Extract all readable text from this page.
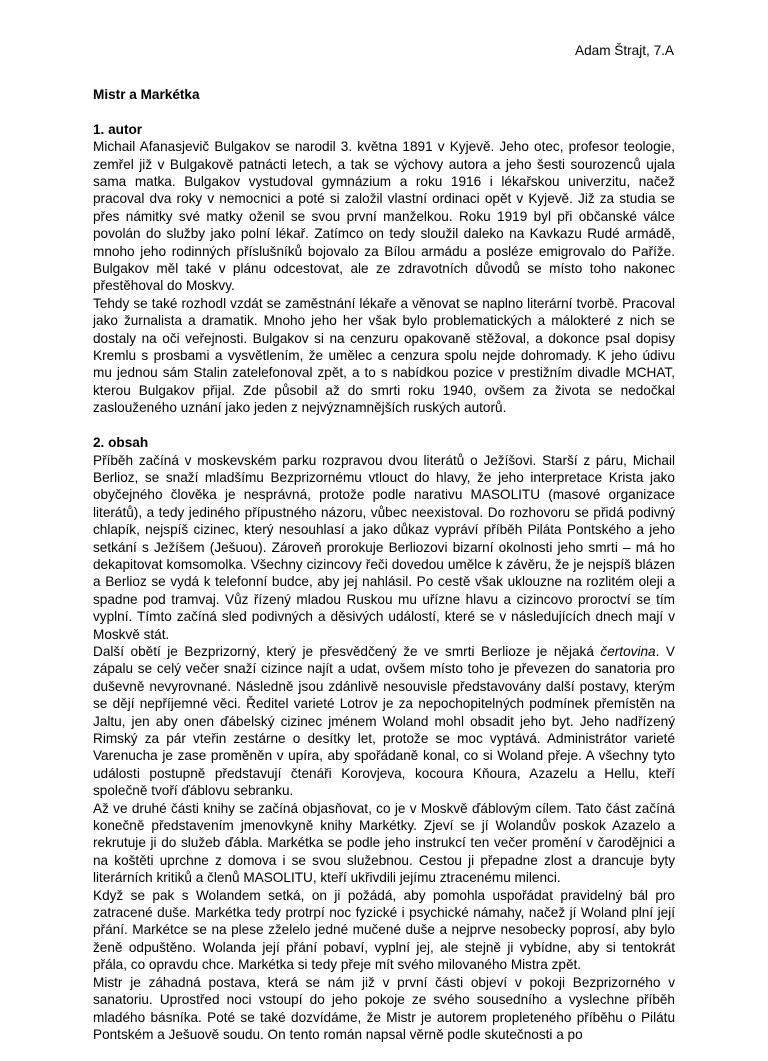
Adam Štrajt, 7.A

Mistr a Markétka

1. autor

Michail Afanasjevič Bulgakov se narodil 3. května 1891 v Kyjevě. Jeho otec, profesor teologie, zemřel již v Bulgakově patnácti letech, a tak se výchovy autora a jeho šesti sourozenců ujala sama matka. Bulgakov vystudoval gymnázium a roku 1916 i lékařskou univerzitu, načež pracoval dva roky v nemocnici a poté si založil vlastní ordinaci opět v Kyjevě. Již za studia se přes námitky své matky oženil se svou první manželkou. Roku 1919 byl při občanské válce povolán do služby jako polní lékař. Zatímco on tedy sloužil daleko na Kavkazu Rudé armádě, mnoho jeho rodinných příslušníků bojovalo za Bílou armádu a posléze emigrovalo do Paříže. Bulgakov měl také v plánu odcestovat, ale ze zdravotních důvodů se místo toho nakonec přestěhoval do Moskvy.

Tehdy se také rozhodl vzdát se zaměstnání lékaře a věnovat se naplno literární tvorbě. Pracoval jako žurnalista a dramatik. Mnoho jeho her však bylo problematických a málokteré z nich se dostaly na oči veřejnosti. Bulgakov si na cenzuru opakovaně stěžoval, a dokonce psal dopisy Kremlu s prosbami a vysvětlením, že umělec a cenzura spolu nejde dohromady. K jeho údivu mu jednou sám Stalin zatelefonoval zpět, a to s nabídkou pozice v prestižním divadle MCHAT, kterou Bulgakov přijal. Zde působil až do smrti roku 1940, ovšem za života se nedočkal zaslouženého uznání jako jeden z nejvýznamnějších ruských autorů.

2. obsah

Příběh začíná v moskevském parku rozpravou dvou literátů o Ježíšovi. Starší z páru, Michail Berlioz, se snaží mladšímu Bezprizornému vtlouct do hlavy, že jeho interpretace Krista jako obyčejného člověka je nesprávná, protože podle narativu MASOLITU (masové organizace literátů), a tedy jediného přípustného názoru, vůbec neexistoval. Do rozhovoru se přidá podivný chlapík, nejspíš cizinec, který nesouhlasí a jako důkaz vypráví příběh Piláta Pontského a jeho setkání s Ježíšem (Ješuou). Zároveň prorokuje Berliozovi bizarní okolnosti jeho smrti – má ho dekapitovat komsomolka. Všechny cizincovy řeči dovedou umělce k závěru, že je nejspíš blázen a Berlioz se vydá k telefonní budce, aby jej nahlásil. Po cestě však uklouzne na rozlitém oleji a spadne pod tramvaj. Vůz řízený mladou Ruskou mu uřízne hlavu a cizincovo proroctví se tím vyplní. Tímto začíná sled podivných a děsivých událostí, které se v následujících dnech mají v Moskvě stát.

Další obětí je Bezprizorný, který je přesvědčený že ve smrti Berlioze je nějaká čertovina. V zápalu se celý večer snaží cizince najít a udat, ovšem místo toho je převezen do sanatoria pro duševně nevyrovnané. Následně jsou zdánlivě nesouvisle představovány další postavy, kterým se dějí nepříjemné věci. Ředitel varieté Lotrov je za nepochopitelných podmínek přemístěn na Jaltu, jen aby onen ďábelský cizinec jménem Woland mohl obsadit jeho byt. Jeho nadřízený Rimský za pár vteřin zestárne o desítky let, protože se moc vyptává. Administrátor varieté Varenucha je zase proměněn v upíra, aby spořádaně konal, co si Woland přeje. A všechny tyto události postupně představují čtenáři Korovjeva, kocoura Kňoura, Azazelu a Hellu, kteří společně tvoří ďáblovu sebranku.

Až ve druhé části knihy se začíná objasňovat, co je v Moskvě ďáblovým cílem. Tato část začíná konečně představením jmenovkyně knihy Markétky. Zjeví se jí Wolandův poskok Azazelo a rekrutuje ji do služeb ďábla. Markétka se podle jeho instrukcí ten večer promění v čarodějnici a na koštěti uprchne z domova i se svou služebnou. Cestou ji přepadne zlost a drancuje byty literárních kritiků a členů MASOLITU, kteří ukřivdili jejímu ztracenému milenci.

Když se pak s Wolandem setká, on ji požádá, aby pomohla uspořádat pravidelný bál pro zatracené duše. Markétka tedy protrpí noc fyzické i psychické námahy, načež jí Woland plní její přání. Markétce se na plese zželelo jedné mučené duše a nejprve nesobecky poprosí, aby bylo ženě odpuštěno. Wolanda její přání pobaví, vyplní jej, ale stejně ji vybídne, aby si tentokrát přála, co opravdu chce. Markétka si tedy přeje mít svého milovaného Mistra zpět.

Mistr je záhadná postava, která se nám již v první části objeví v pokoji Bezprizorného v sanatoriu. Uprostřed noci vstoupí do jeho pokoje ze svého sousedního a vyslechne příběh mladého básníka. Poté se také dozvídáme, že Mistr je autorem propleteného příběhu o Pilátu Pontském a Ješuově soudu. On tento román napsal věrně podle skutečnosti a po
